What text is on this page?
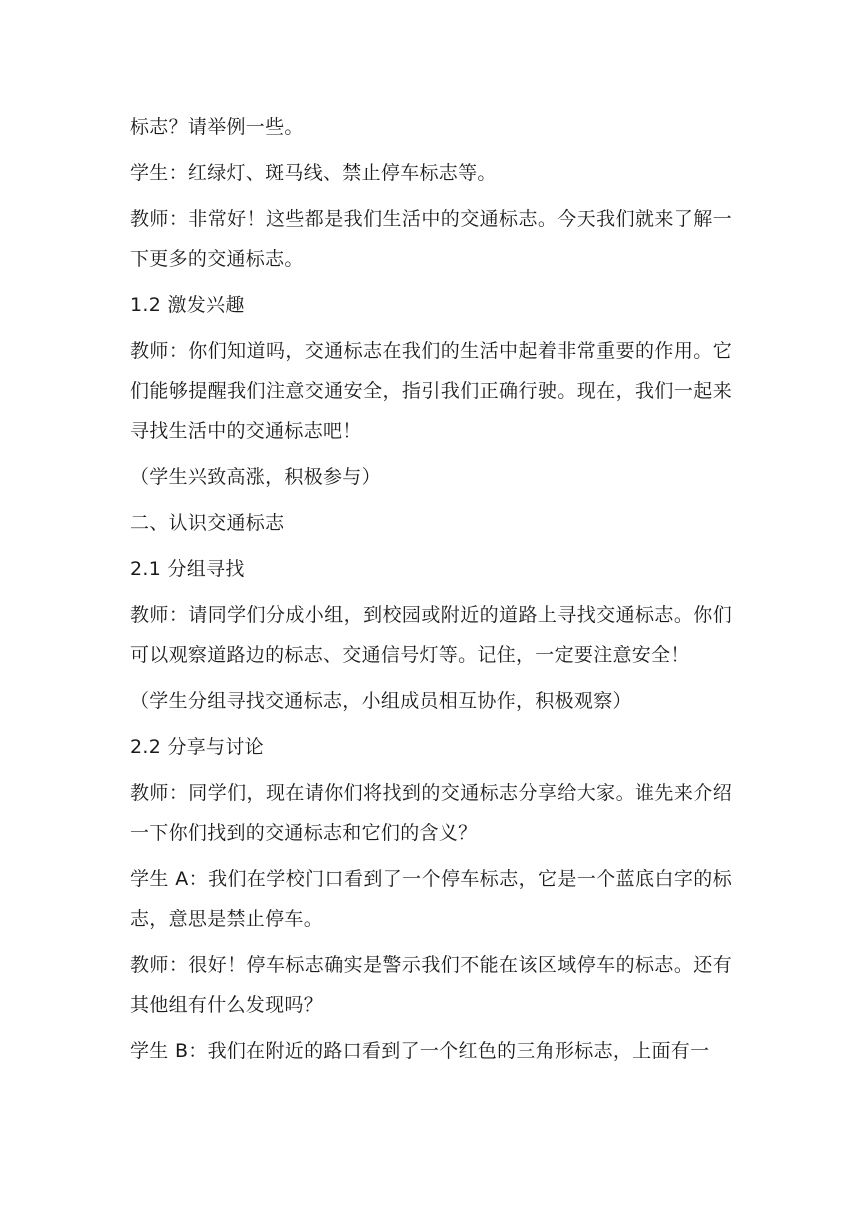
标志？请举例一些。

学生：红绿灯、斑马线、禁止停车标志等。

教师：非常好！这些都是我们生活中的交通标志。今天我们就来了解一下更多的交通标志。

1.2 激发兴趣

教师：你们知道吗，交通标志在我们的生活中起着非常重要的作用。它们能够提醒我们注意交通安全，指引我们正确行驶。现在，我们一起来寻找生活中的交通标志吧！

（学生兴致高涨，积极参与）

二、认识交通标志

2.1 分组寻找

教师：请同学们分成小组，到校园或附近的道路上寻找交通标志。你们可以观察道路边的标志、交通信号灯等。记住，一定要注意安全！

（学生分组寻找交通标志，小组成员相互协作，积极观察）

2.2 分享与讨论

教师：同学们，现在请你们将找到的交通标志分享给大家。谁先来介绍一下你们找到的交通标志和它们的含义？

学生 A：我们在学校门口看到了一个停车标志，它是一个蓝底白字的标志，意思是禁止停车。

教师：很好！停车标志确实是警示我们不能在该区域停车的标志。还有其他组有什么发现吗？

学生 B：我们在附近的路口看到了一个红色的三角形标志，上面有一
